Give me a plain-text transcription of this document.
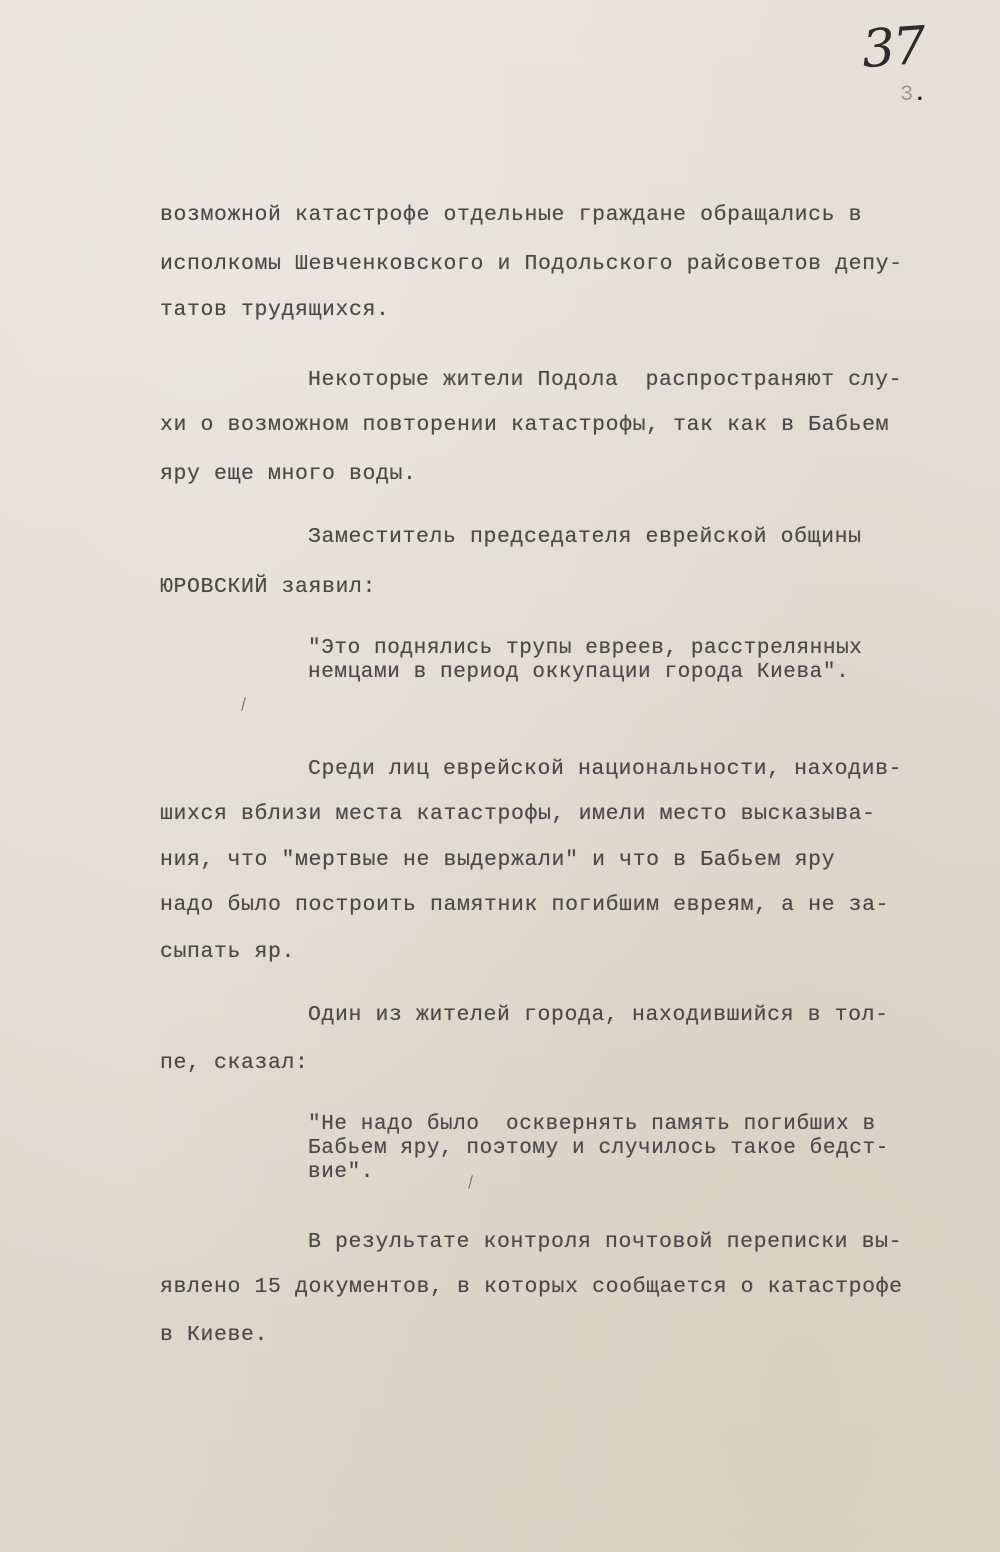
37
3.
возможной катастрофе отдельные граждане обращались в
исполкомы Шевченковского и Подольского райсоветов депу-
татов трудящихся.
Некоторые жители Подола  распространяют слу-
хи о возможном повторении катастрофы, так как в Бабьем
яру еще много воды.
Заместитель председателя еврейской общины
ЮРОВСКИЙ заявил:
"Это поднялись трупы евреев, расстрелянных
немцами в период оккупации города Киева".
Среди лиц еврейской национальности, находив-
шихся вблизи места катастрофы, имели место высказыва-
ния, что "мертвые не выдержали" и что в Бабьем яру
надо было построить памятник погибшим евреям, а не за-
сыпать яр.
Один из жителей города, находившийся в тол-
пе, сказал:
"Не надо было  осквернять память погибших в
Бабьем яру, поэтому и случилось такое бедст-
вие".
В результате контроля почтовой переписки вы-
явлено 15 документов, в которых сообщается о катастрофе
в Киеве.
